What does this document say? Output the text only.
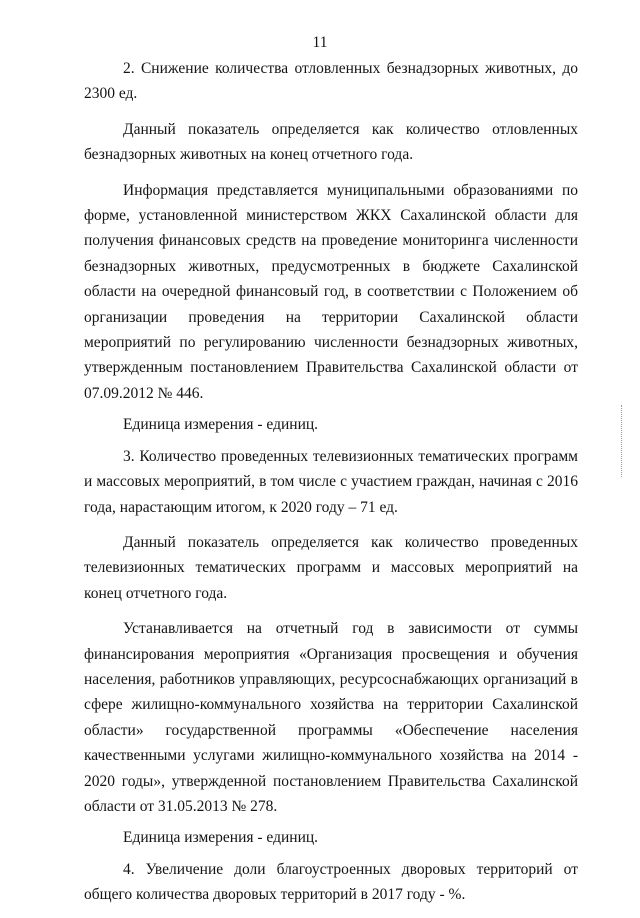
11

2. Снижение количества отловленных безнадзорных животных, до 2300 ед.

Данный показатель определяется как количество отловленных безнадзорных животных на конец отчетного года.

Информация представляется муниципальными образованиями по форме, установленной министерством ЖКХ Сахалинской области для получения финансовых средств на проведение мониторинга численности безнадзорных животных, предусмотренных в бюджете Сахалинской области на очередной финансовый год, в соответствии с Положением об организации проведения на территории Сахалинской области мероприятий по регулированию численности безнадзорных животных, утвержденным постановлением Правительства Сахалинской области от 07.09.2012 № 446.

Единица измерения - единиц.

3. Количество проведенных телевизионных тематических программ и массовых мероприятий, в том числе с участием граждан, начиная с 2016 года, нарастающим итогом, к 2020 году – 71 ед.

Данный показатель определяется как количество проведенных телевизионных тематических программ и массовых мероприятий на конец отчетного года.

Устанавливается на отчетный год в зависимости от суммы финансирования мероприятия «Организация просвещения и обучения населения, работников управляющих, ресурсоснабжающих организаций в сфере жилищно-коммунального хозяйства на территории Сахалинской области» государственной программы «Обеспечение населения качественными услугами жилищно-коммунального хозяйства на 2014 - 2020 годы», утвержденной постановлением Правительства Сахалинской области от 31.05.2013 № 278.

Единица измерения - единиц.

4. Увеличение доли благоустроенных дворовых территорий от общего количества дворовых территорий в 2017 году - %.
